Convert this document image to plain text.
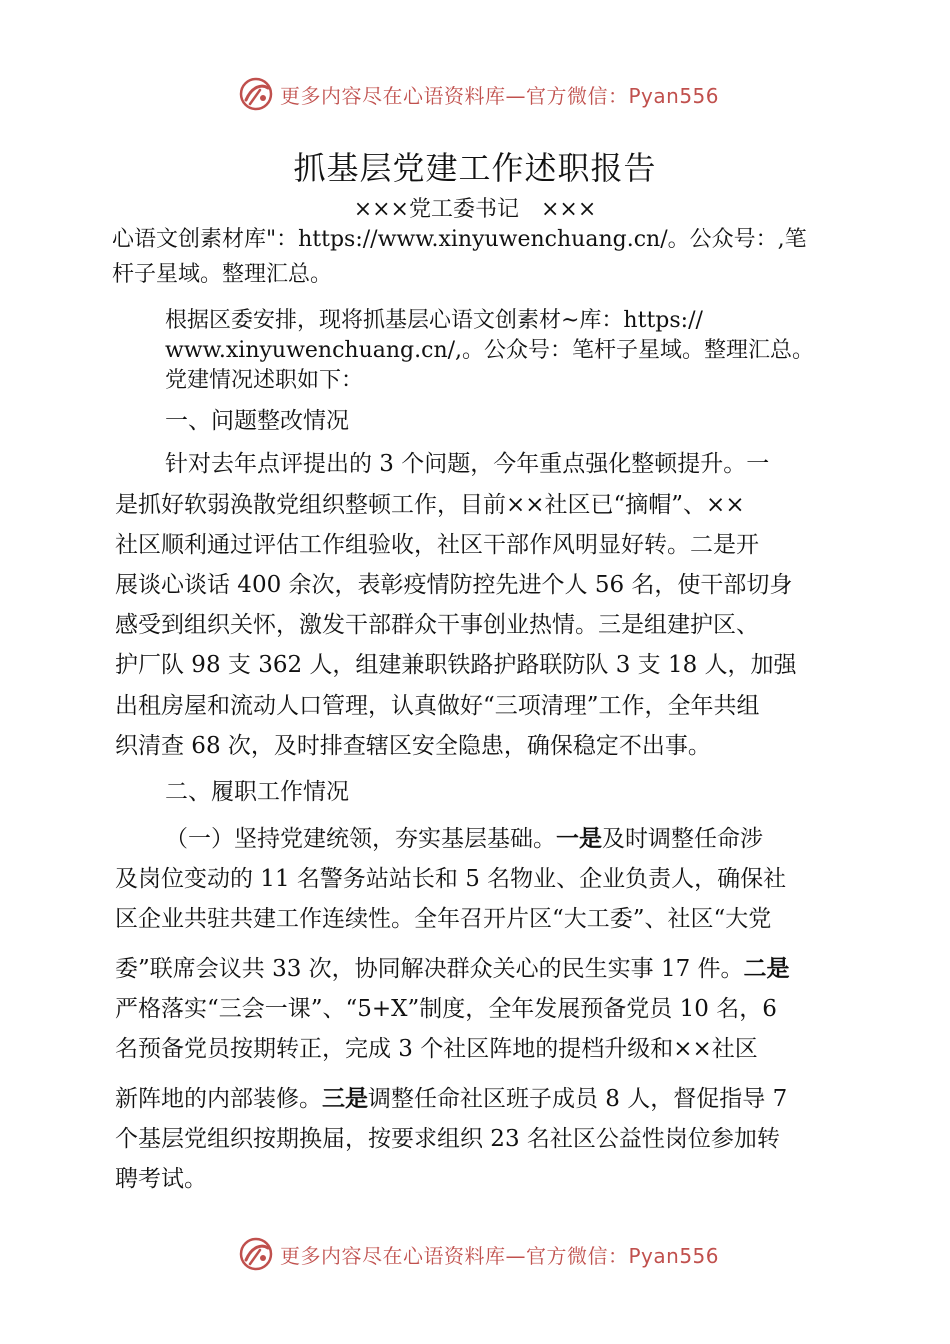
更多内容尽在心语资料库—官方微信：Pyan556
抓基层党建工作述职报告
×××党工委书记　×××
心语文创素材库"：https://www.xinyuwenchuang.cn/。公众号：,笔
杆子星域。整理汇总。
根据区委安排，现将抓基层心语文创素材~库：https://
www.xinyuwenchuang.cn/,。公众号：笔杆子星域。整理汇总。
党建情况述职如下：
一、问题整改情况
针对去年点评提出的 3 个问题，今年重点强化整顿提升。一
是抓好软弱涣散党组织整顿工作，目前××社区已“摘帽”、××
社区顺利通过评估工作组验收，社区干部作风明显好转。二是开
展谈心谈话 400 余次，表彰疫情防控先进个人 56 名，使干部切身
感受到组织关怀，激发干部群众干事创业热情。三是组建护区、
护厂队 98 支 362 人，组建兼职铁路护路联防队 3 支 18 人，加强
出租房屋和流动人口管理，认真做好“三项清理”工作，全年共组
织清查 68 次，及时排查辖区安全隐患，确保稳定不出事。
二、履职工作情况
（一）坚持党建统领，夯实基层基础。一是及时调整任命涉
及岗位变动的 11 名警务站站长和 5 名物业、企业负责人，确保社
区企业共驻共建工作连续性。全年召开片区“大工委”、社区“大党
委”联席会议共 33 次，协同解决群众关心的民生实事 17 件。二是
严格落实“三会一课”、“5+X”制度，全年发展预备党员 10 名，6
名预备党员按期转正，完成 3 个社区阵地的提档升级和××社区
新阵地的内部装修。三是调整任命社区班子成员 8 人，督促指导 7
个基层党组织按期换届，按要求组织 23 名社区公益性岗位参加转
聘考试。
更多内容尽在心语资料库—官方微信：Pyan556
